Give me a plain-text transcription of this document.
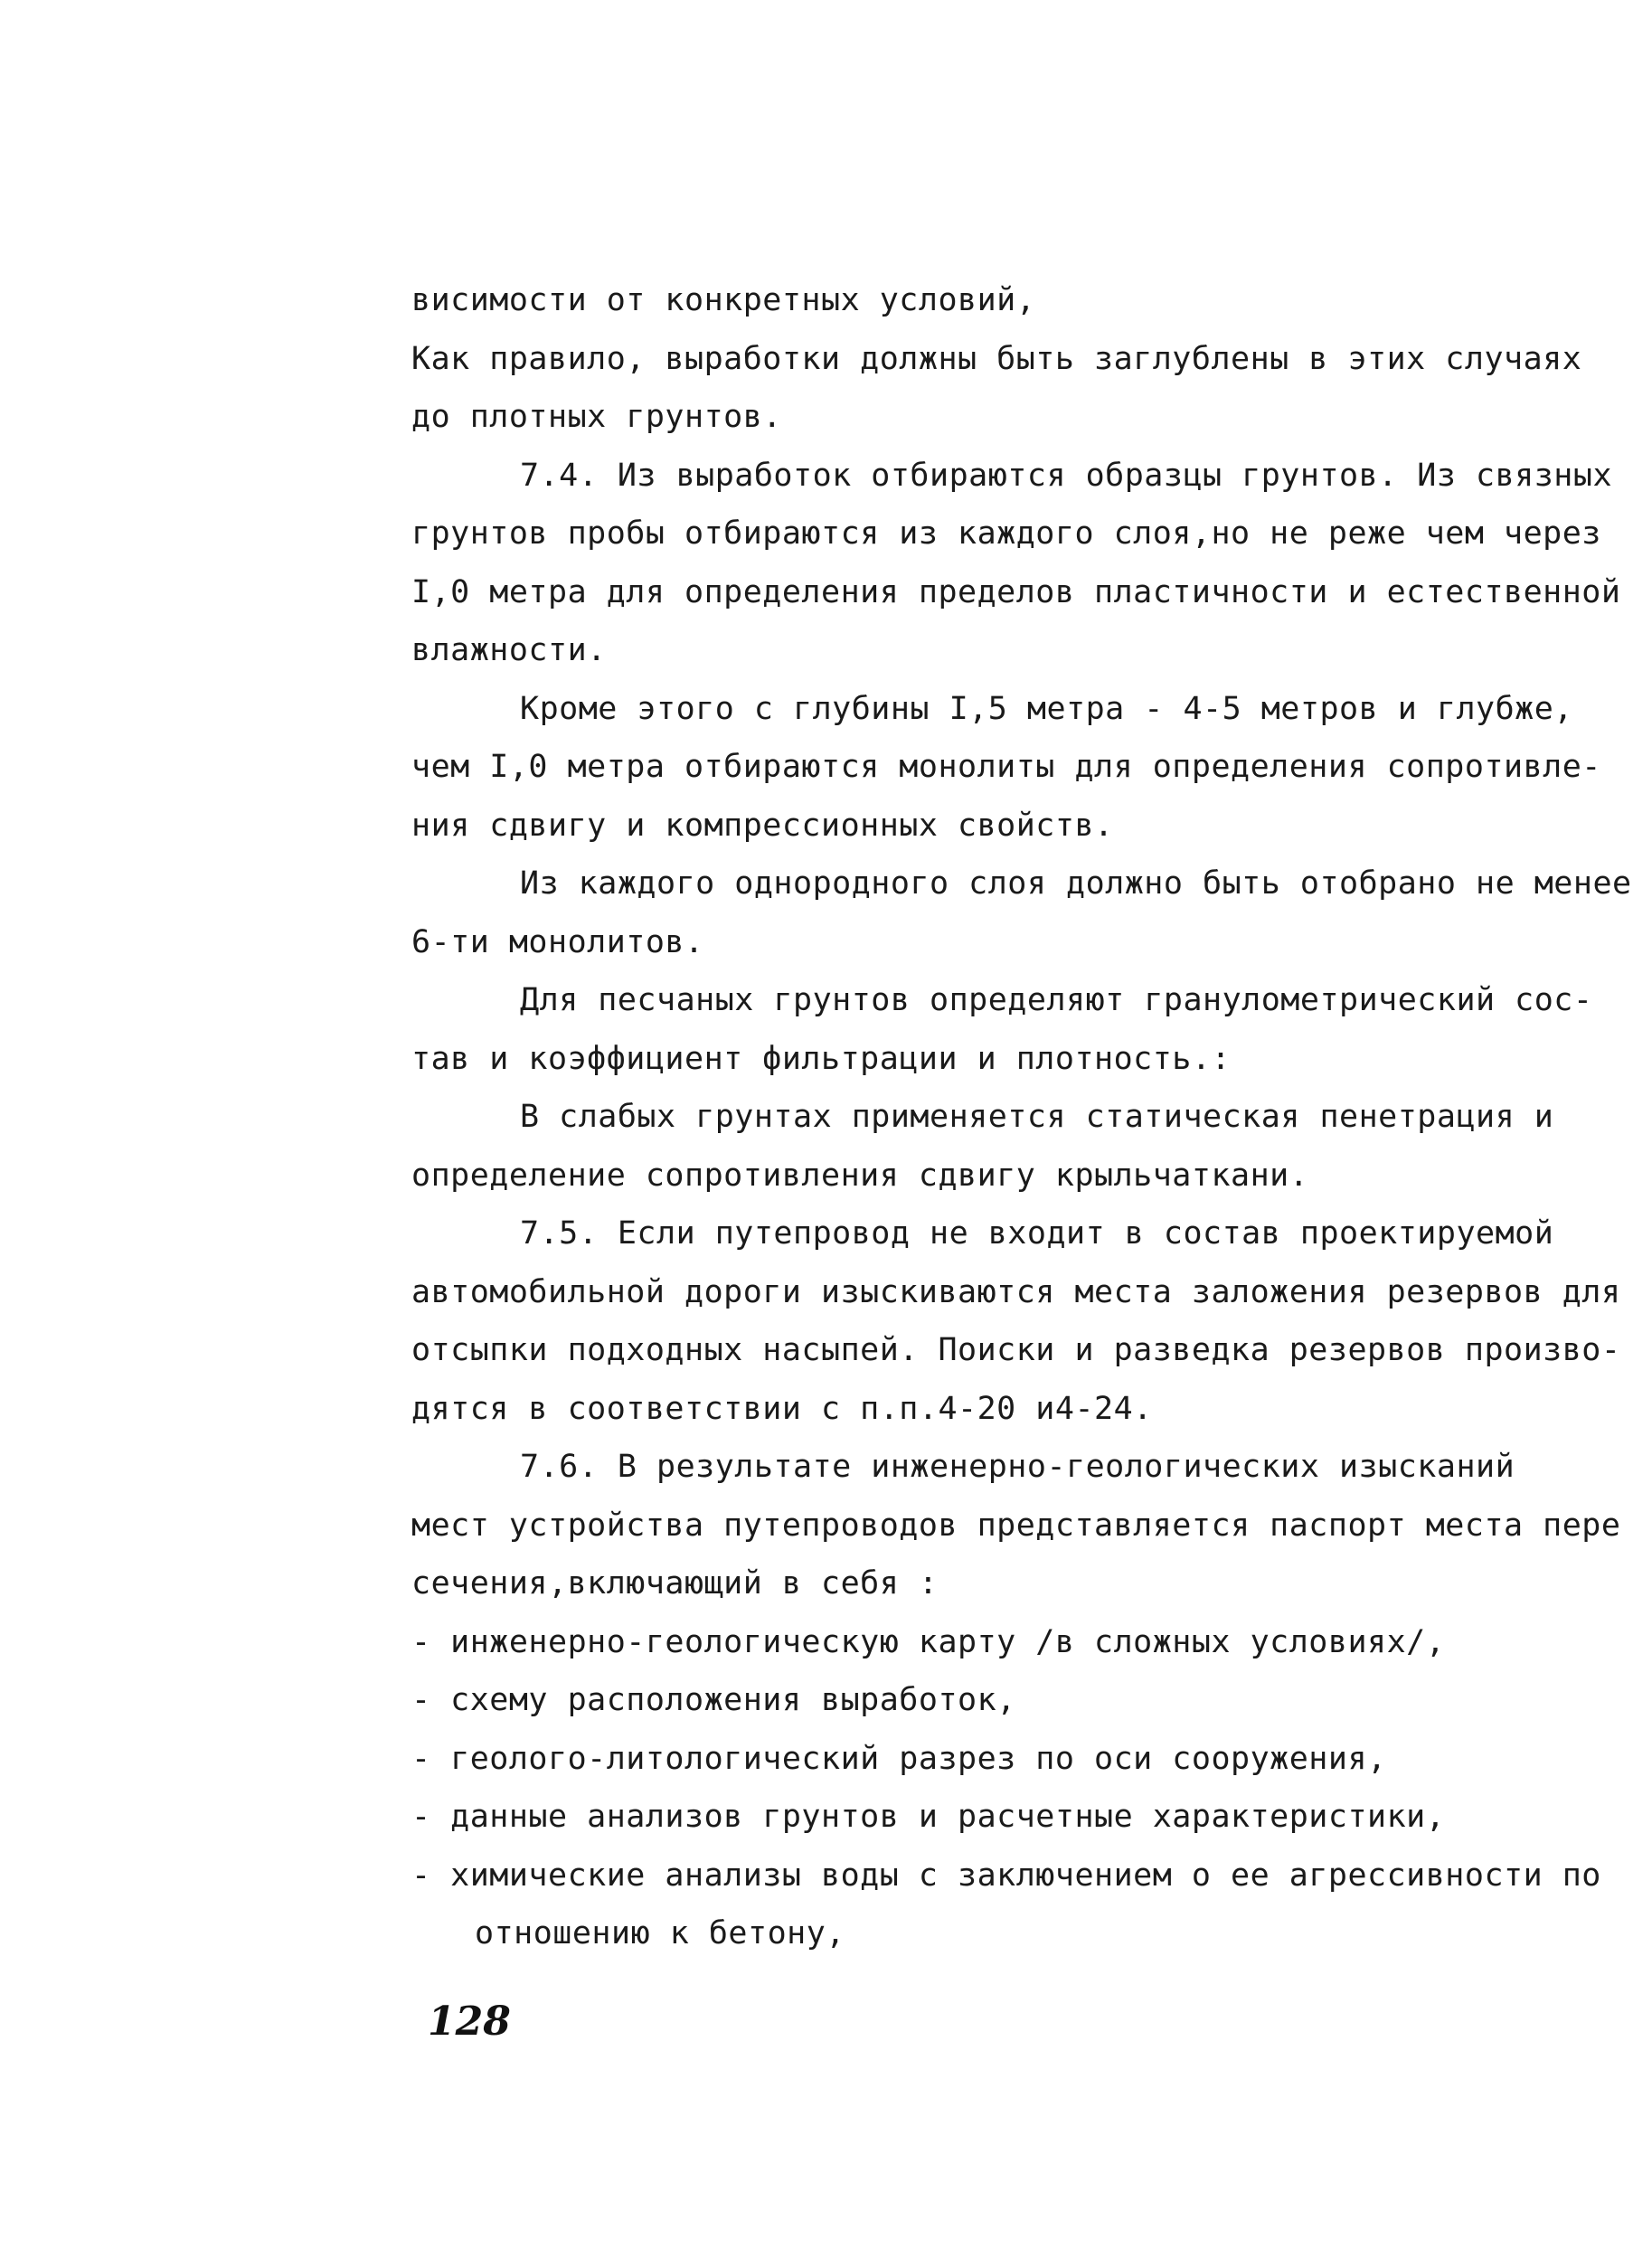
висимости от конкретных условий,
Как правило, выработки должны быть заглублены в этих случаях
до плотных грунтов.
7.4. Из выработок отбираются образцы грунтов. Из связных
грунтов пробы отбираются из каждого слоя,но не реже чем через
I,0 метра для определения пределов пластичности и естественной
влажности.
Кроме этого с глубины I,5 метра - 4-5 метров и глубже,
чем I,0 метра отбираются монолиты для определения сопротивле-
ния сдвигу и компрессионных свойств.
Из каждого однородного слоя должно быть отобрано не менее
6-ти монолитов.
Для песчаных грунтов определяют гранулометрический сос-
тав и коэффициент фильтрации и плотность.:
В слабых грунтах применяется статическая пенетрация и
определение сопротивления сдвигу крыльчаткани.
7.5. Если путепровод не входит в состав проектируемой
автомобильной дороги изыскиваются места заложения резервов для
отсыпки подходных насыпей. Поиски и разведка резервов произво-
дятся в соответствии с п.п.4-20 и4-24.
7.6. В результате инженерно-геологических изысканий
мест устройства путепроводов представляется паспорт места пере
сечения,включающий в себя :
- инженерно-геологическую карту /в сложных условиях/,
- схему расположения выработок,
- геолого-литологический разрез по оси сооружения,
- данные анализов грунтов и расчетные характеристики,
- химические анализы воды с заключением о ее агрессивности по
отношению к бетону,
128
